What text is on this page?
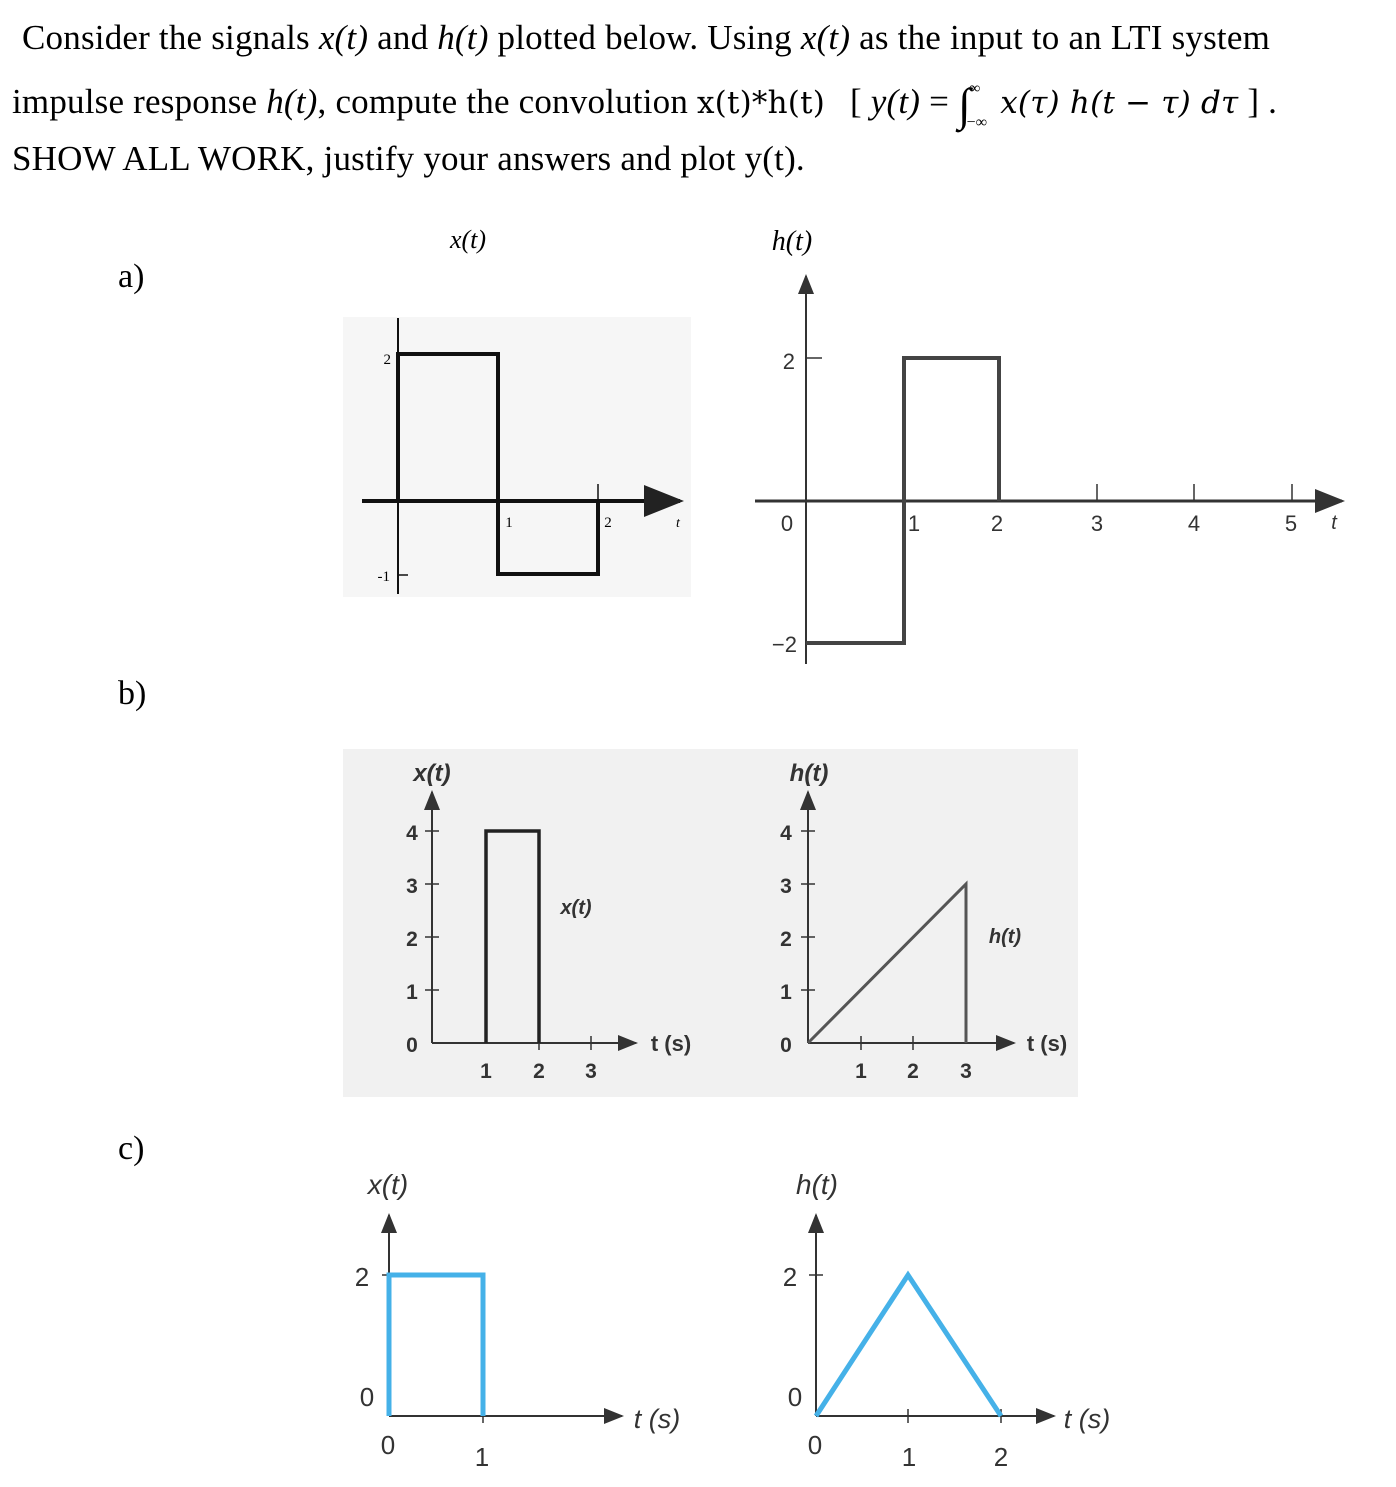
Consider the signals x(t) and h(t) plotted below. Using x(t) as the input to an LTI system
impulse response h(t), compute the convolution x(t)*h(t) [ $y(t) = \int^\infty_{-\infty}$ x(τ) h(t − τ) dτ ] .
SHOW ALL WORK, justify your answers and plot y(t).
a)
b)
c)
x(t)
2
-1
1	2	t
h(t)
2
−2
0	1	2	3	4	5 t
x(t)
0
1
2
3
4
1 2 3
t (s)
x(t)
h(t)
0
1
2
3
4
1 2 3
t (s)
h(t)
x(t)
0
2
0	1
t (s)
h(t)
0
2
0	1	2
t (s)
